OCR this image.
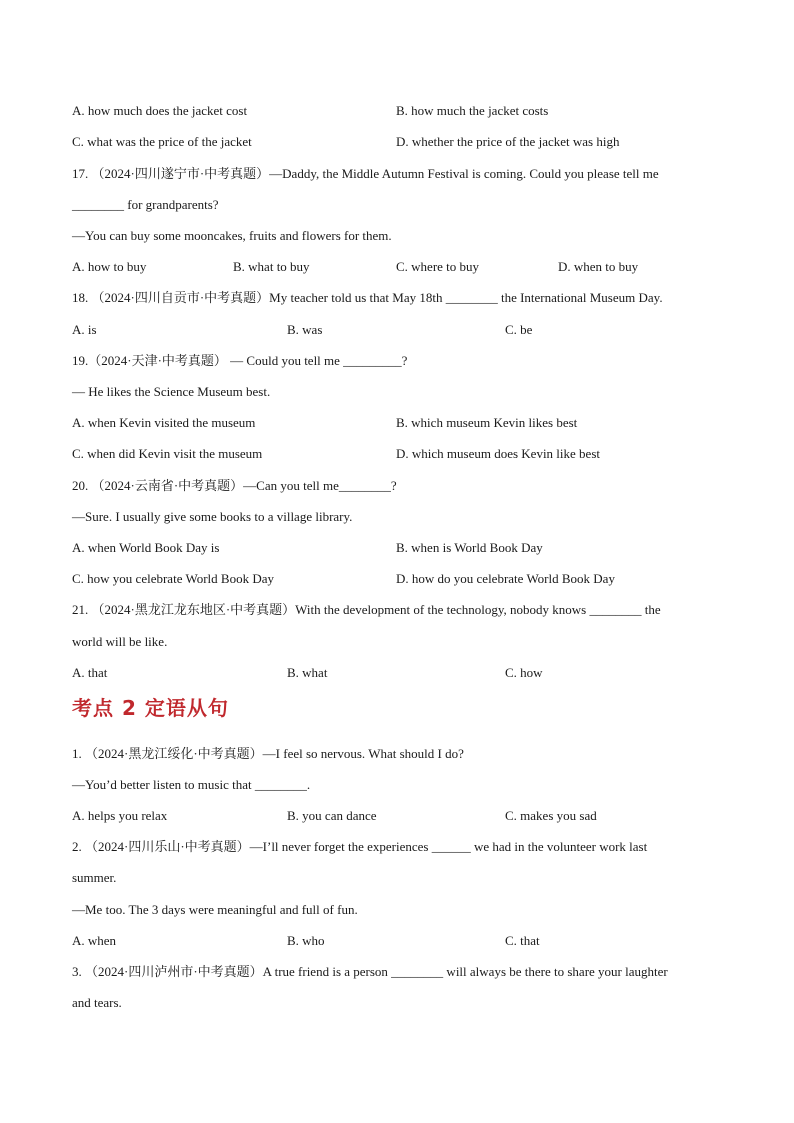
A. how much does the jacket cost	B. how much the jacket costs
C. what was the price of the jacket	D. whether the price of the jacket was high
17. （2024·四川遂宁市·中考真题）—Daddy, the Middle Autumn Festival is coming. Could you please tell me
________ for grandparents?
—You can buy some mooncakes, fruits and flowers for them.
A. how to buy	B. what to buy	C. where to buy	D. when to buy
18. （2024·四川自贡市·中考真题）My teacher told us that May 18th ________ the International Museum Day.
A. is	B. was	C. be
19.（2024·天津·中考真题） — Could you tell me _________?
— He likes the Science Museum best.
A. when Kevin visited the museum	B. which museum Kevin likes best
C. when did Kevin visit the museum	D. which museum does Kevin like best
20. （2024·云南省·中考真题）—Can you tell me________?
—Sure. I usually give some books to a village library.
A. when World Book Day is	B. when is World Book Day
C. how you celebrate World Book Day	D. how do you celebrate World Book Day
21. （2024·黑龙江龙东地区·中考真题）With the development of the technology, nobody knows ________ the
world will be like.
A. that	B. what	C. how
考点 2 定语从句
1. （2024·黑龙江绥化·中考真题）—I feel so nervous. What should I do?
—You’d better listen to music that ________.
A. helps you relax	B. you can dance	C. makes you sad
2. （2024·四川乐山·中考真题）—I’ll never forget the experiences ______ we had in the volunteer work last
summer.
—Me too. The 3 days were meaningful and full of fun.
A. when	B. who	C. that
3. （2024·四川泸州市·中考真题）A true friend is a person ________ will always be there to share your laughter
and tears.
